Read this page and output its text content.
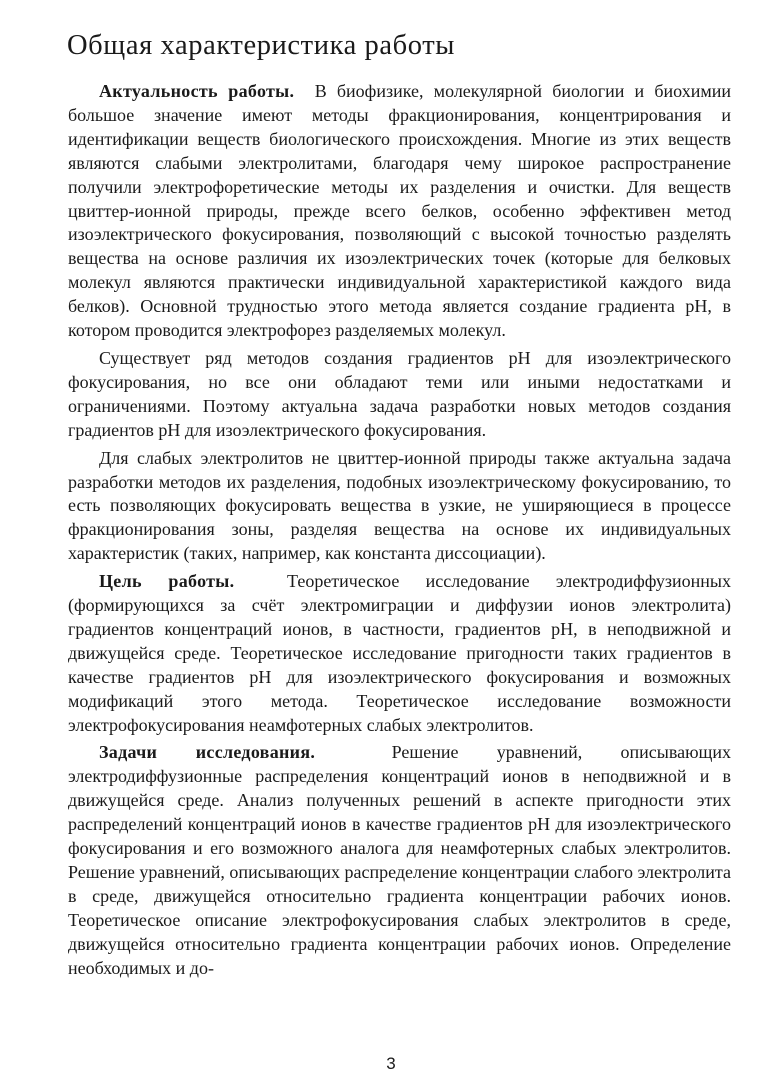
Общая характеристика работы

Актуальность работы. В биофизике, молекулярной биологии и биохимии большое значение имеют методы фракционирования, концентрирования и идентификации веществ биологического происхождения. Многие из этих веществ являются слабыми электролитами, благодаря чему широкое распространение получили электрофоретические методы их разделения и очистки. Для веществ цвиттер-ионной природы, прежде всего белков, особенно эффективен метод изоэлектрического фокусирования, позволяющий с высокой точностью разделять вещества на основе различия их изоэлектрических точек (которые для белковых молекул являются практически индивидуальной характеристикой каждого вида белков). Основной трудностью этого метода является создание градиента pH, в котором проводится электрофорез разделяемых молекул.

Существует ряд методов создания градиентов pH для изоэлектрического фокусирования, но все они обладают теми или иными недостатками и ограничениями. Поэтому актуальна задача разработки новых методов создания градиентов pH для изоэлектрического фокусирования.

Для слабых электролитов не цвиттер-ионной природы также актуальна задача разработки методов их разделения, подобных изоэлектрическому фокусированию, то есть позволяющих фокусировать вещества в узкие, не уширяющиеся в процессе фракционирования зоны, разделяя вещества на основе их индивидуальных характеристик (таких, например, как константа диссоциации).

Цель работы.	Теоретическое исследование электродиффузионных (формирующихся за счёт электромиграции и диффузии ионов электролита) градиентов концентраций ионов, в частности, градиентов pH, в неподвижной и движущейся среде. Теоретическое исследование пригодности таких градиентов в качестве градиентов pH для изоэлектрического фокусирования и возможных модификаций этого метода. Теоретическое исследование возможности электрофокусирования неамфотерных слабых электролитов.

Задачи исследования.	Решение уравнений, описывающих электродиффузионные распределения концентраций ионов в неподвижной и в движущейся среде. Анализ полученных решений в аспекте пригодности этих распределений концентраций ионов в качестве градиентов pH для изоэлектрического фокусирования и его возможного аналога для неамфотерных слабых электролитов. Решение уравнений, описывающих распределение концентрации слабого электролита в среде, движущейся относительно градиента концентрации рабочих ионов. Теоретическое описание электрофокусирования слабых электролитов в среде, движущейся относительно градиента концентрации рабочих ионов. Определение необходимых и до-

3
